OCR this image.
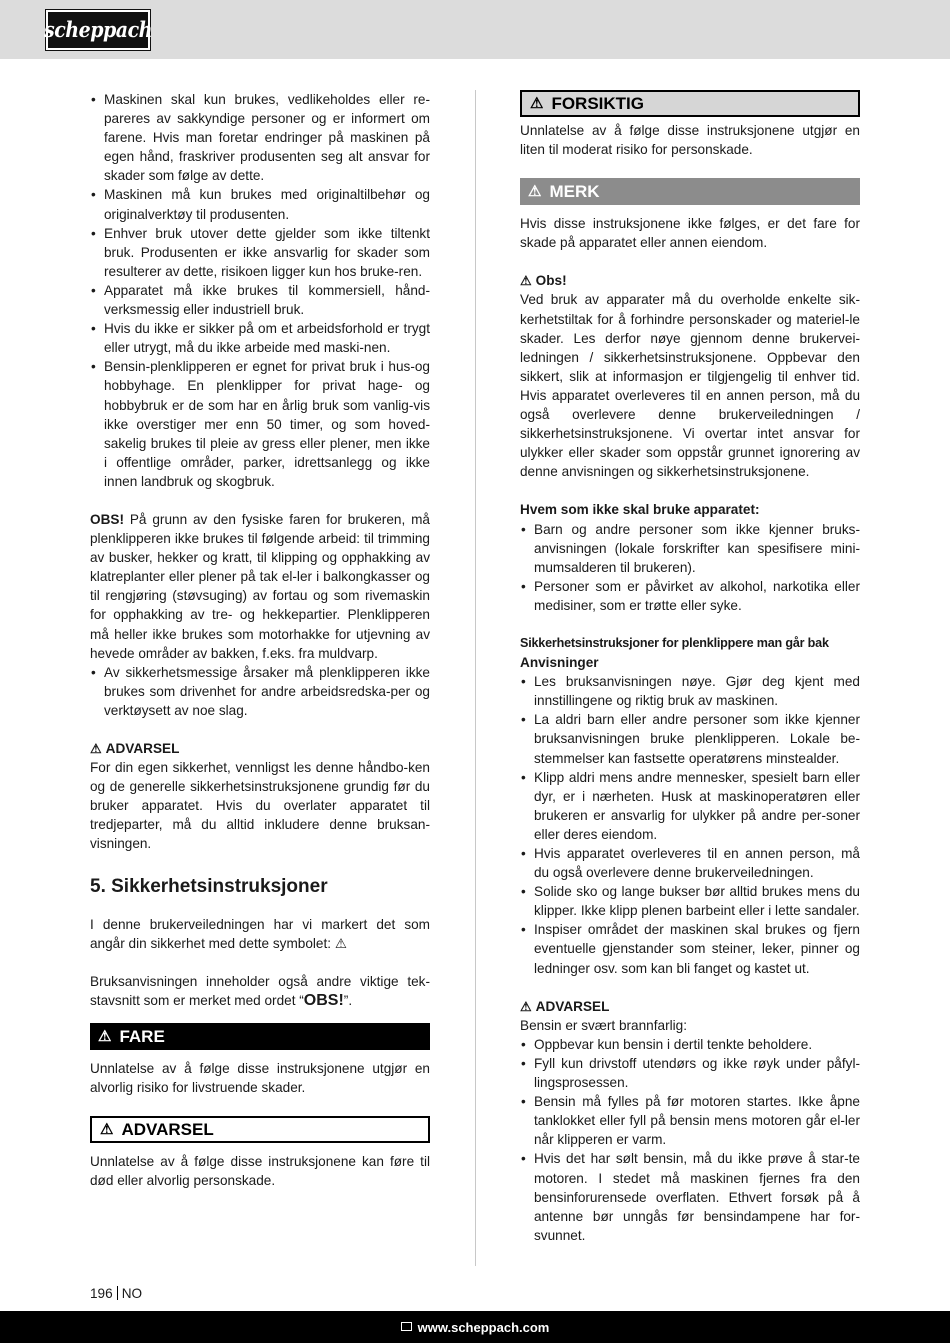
scheppach
• Maskinen skal kun brukes, vedlikeholdes eller re-pareres av sakkyndige personer og er informert om farene. Hvis man foretar endringer på maskinen på egen hånd, fraskriver produsenten seg alt ansvar for skader som følge av dette.
• Maskinen må kun brukes med originaltilbehør og originalverktøy til produsenten.
• Enhver bruk utover dette gjelder som ikke tiltenkt bruk. Produsenten er ikke ansvarlig for skader som resulterer av dette, risikoen ligger kun hos bruke-ren.
• Apparatet må ikke brukes til kommersiell, hånd-verksmessig eller industriell bruk.
• Hvis du ikke er sikker på om et arbeidsforhold er trygt eller utrygt, må du ikke arbeide med maski-nen.
• Bensin-plenklipperen er egnet for privat bruk i hus-og hobbyhage. En plenklipper for privat hage- og hobbybruk er de som har en årlig bruk som vanlig-vis ikke overstiger mer enn 50 timer, og som hoved-sakelig brukes til pleie av gress eller plener, men ikke i offentlige områder, parker, idrettsanlegg og ikke innen landbruk og skogbruk.

OBS! På grunn av den fysiske faren for brukeren, må plenklipperen ikke brukes til følgende arbeid: til trimming av busker, hekker og kratt, til klipping og opphakking av klatreplanter eller plener på tak el-ler i balkongkasser og til rengjøring (støvsuging) av fortau og som rivemaskin for opphakking av tre- og hekkepartier. Plenklipperen må heller ikke brukes som motorhakke for utjevning av hevede områder av bakken, f.eks. fra muldvarp.

• Av sikkerhetsmessige årsaker må plenklipperen ikke brukes som drivenhet for andre arbeidsredska-per og verktøysett av noe slag.
⚠ ADVARSEL

For din egen sikkerhet, vennligst les denne håndbo-ken og de generelle sikkerhetsinstruksjonene grundig før du bruker apparatet. Hvis du overlater apparatet til tredjeparter, må du alltid inkludere denne bruksan-visningen.

5. Sikkerhetsinstruksjoner

I denne brukerveiledningen har vi markert det som angår din sikkerhet med dette symbolet: ⚠

Bruksanvisningen inneholder også andre viktige tek-stavsnitt som er merket med ordet “OBS!”.

⚠ FARE

Unnlatelse av å følge disse instruksjonene utgjør en alvorlig risiko for livstruende skader.

⚠ ADVARSEL

Unnlatelse av å følge disse instruksjonene kan føre til død eller alvorlig personskade.

⚠ FORSIKTIG

Unnlatelse av å følge disse instruksjonene utgjør en liten til moderat risiko for personskade.

⚠ MERK

Hvis disse instruksjonene ikke følges, er det fare for skade på apparatet eller annen eiendom.

⚠ Obs!

Ved bruk av apparater må du overholde enkelte sik-kerhetstiltak for å forhindre personskader og materiel-le skader. Les derfor nøye gjennom denne brukervei-ledningen / sikkerhetsinstruksjonene. Oppbevar den sikkert, slik at informasjon er tilgjengelig til enhver tid. Hvis apparatet overleveres til en annen person, må du også overlevere denne brukerveiledningen / sikkerhetsinstruksjonene. Vi overtar intet ansvar for ulykker eller skader som oppstår grunnet ignorering av denne anvisningen og sikkerhetsinstruksjonene.

Hvem som ikke skal bruke apparatet:

• Barn og andre personer som ikke kjenner bruks-anvisningen (lokale forskrifter kan spesifisere mini-mumsalderen til brukeren).
• Personer som er påvirket av alkohol, narkotika eller medisiner, som er trøtte eller syke.

Sikkerhetsinstruksjoner for plenklippere man går bak

Anvisninger

• Les bruksanvisningen nøye. Gjør deg kjent med innstillingene og riktig bruk av maskinen.
• La aldri barn eller andre personer som ikke kjenner bruksanvisningen bruke plenklipperen. Lokale be-stemmelser kan fastsette operatørens minstealder.
• Klipp aldri mens andre mennesker, spesielt barn eller dyr, er i nærheten. Husk at maskinoperatøren eller brukeren er ansvarlig for ulykker på andre per-soner eller deres eiendom.
• Hvis apparatet overleveres til en annen person, må du også overlevere denne brukerveiledningen.
• Solide sko og lange bukser bør alltid brukes mens du klipper. Ikke klipp plenen barbeint eller i lette sandaler.
• Inspiser området der maskinen skal brukes og fjern eventuelle gjenstander som steiner, leker, pinner og ledninger osv. som kan bli fanget og kastet ut.
⚠ ADVARSEL

Bensin er svært brannfarlig:

• Oppbevar kun bensin i dertil tenkte beholdere.
• Fyll kun drivstoff utendørs og ikke røyk under påfyl-lingsprosessen.
• Bensin må fylles på før motoren startes. Ikke åpne tanklokket eller fyll på bensin mens motoren går el-ler når klipperen er varm.
• Hvis det har sølt bensin, må du ikke prøve å star-te motoren. I stedet må maskinen fjernes fra den bensinforurensede overflaten. Ethvert forsøk på å antenne bør unngås før bensindampene har for-svunnet.
196 NO
www.scheppach.com
